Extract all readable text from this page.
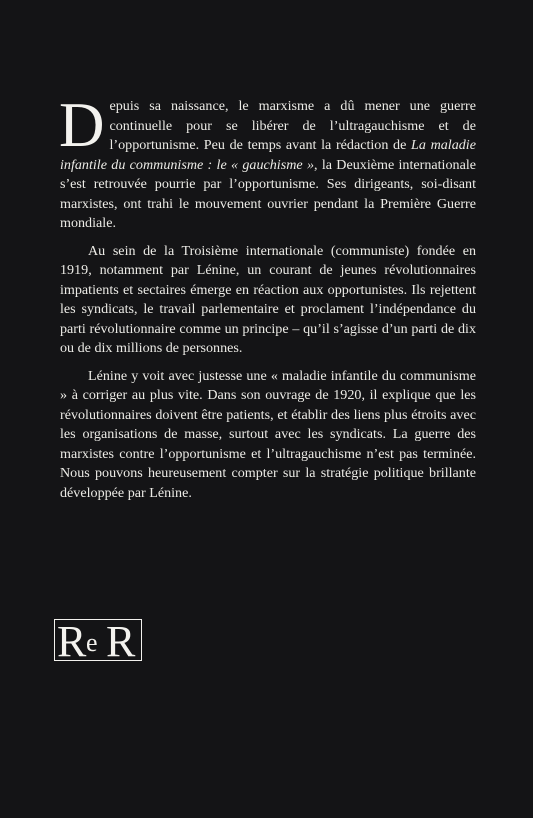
Depuis sa naissance, le marxisme a dû mener une guerre continuelle pour se libérer de l’ultragauchisme et de l’opportunisme. Peu de temps avant la rédaction de La maladie infantile du communisme : le « gauchisme », la Deuxième internationale s’est retrouvée pourrie par l’opportunisme. Ses dirigeants, soi-disant marxistes, ont trahi le mouvement ouvrier pendant la Première Guerre mondiale.

Au sein de la Troisième internationale (communiste) fondée en 1919, notamment par Lénine, un courant de jeunes révolutionnaires impatients et sectaires émerge en réaction aux opportunistes. Ils rejettent les syndicats, le travail parlementaire et proclament l’indépendance du parti révolutionnaire comme un principe – qu’il s’agisse d’un parti de dix ou de dix millions de personnes.

Lénine y voit avec justesse une « maladie infantile du communisme » à corriger au plus vite. Dans son ouvrage de 1920, il explique que les révolutionnaires doivent être patients, et établir des liens plus étroits avec les organisations de masse, surtout avec les syndicats. La guerre des marxistes contre l’opportunisme et l’ultragauchisme n’est pas terminée. Nous pouvons heureusement compter sur la stratégie politique brillante développée par Lénine.

R e R
